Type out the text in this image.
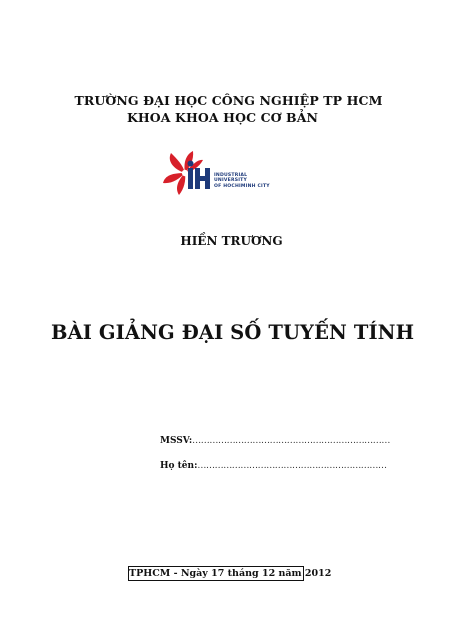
TRƯỜNG ĐẠI HỌC CÔNG NGHIỆP TP HCM
KHOA KHOA HỌC CƠ BẢN
INDUSTRIAL
UNIVERSITY
OF HOCHIMINH CITY
HIỀN TRƯƠNG
BÀI GIẢNG ĐẠI SỐ TUYẾN TÍNH
MSSV:……………………………………………………………
Họ tên:…………………………………………………………
TPHCM - Ngày 17 tháng 12 năm 2012
